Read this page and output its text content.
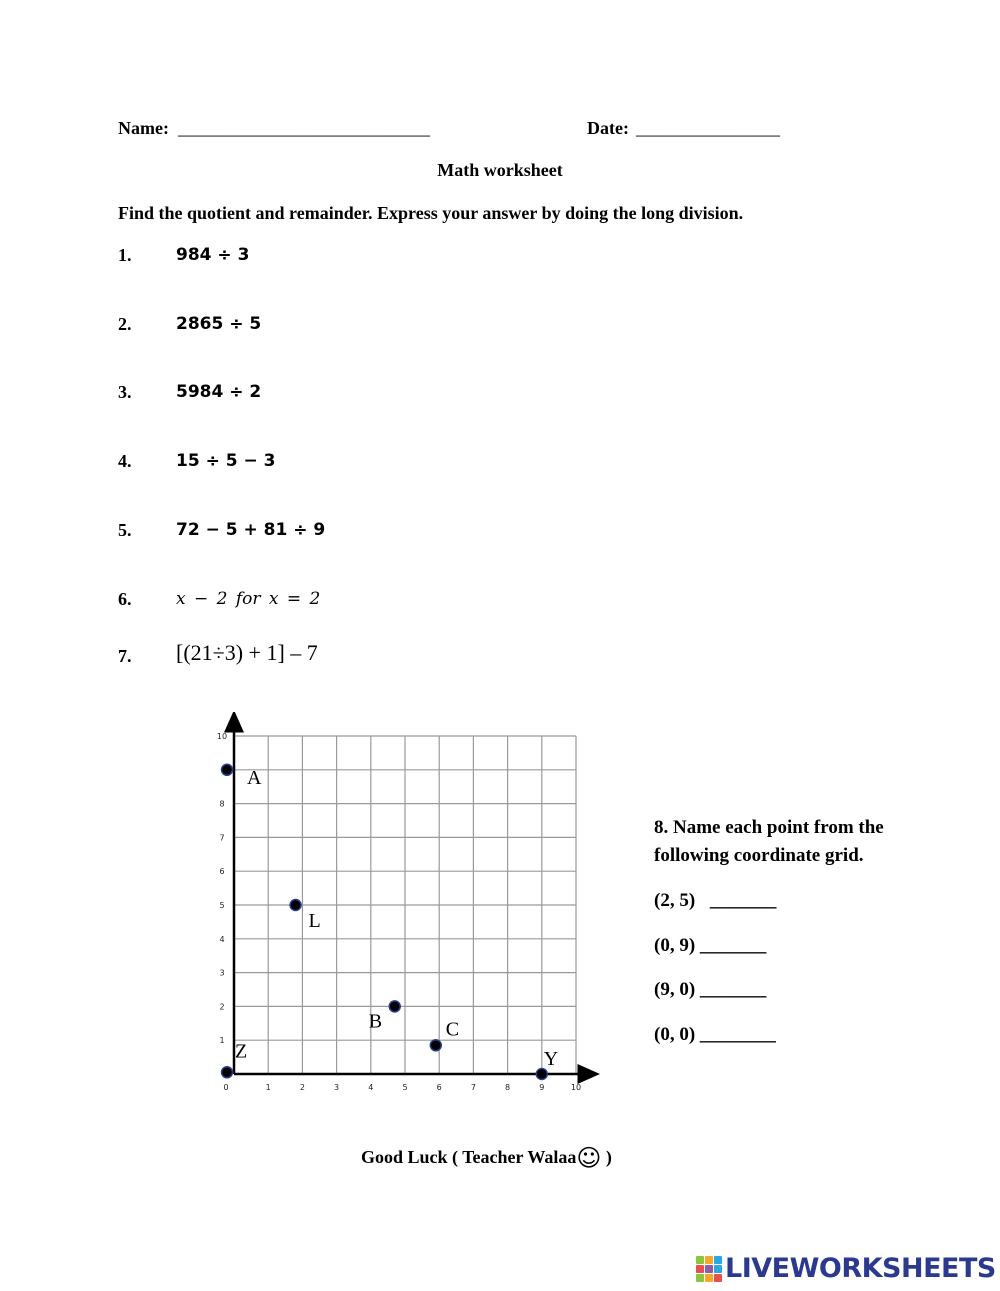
Name: ____________________________	Date: ________________
Math worksheet
Find the quotient and remainder. Express your answer by doing the long division.
1.	984 ÷ 3
2.	2865 ÷ 5
3.	5984 ÷ 2
4.	15 ÷ 5 − 3
5.	72 − 5 + 81 ÷ 9
6.	x − 2 for x = 2
7. [(21÷3) + 1] – 7
0	1	2	3	4	5	6	7	8	9	10
1
2
3
4
5
6
7
8
10
A
L
B	C
Y
Z
8. Name each point from the
following coordinate grid.
(2, 5) _______
(0, 9) _______
(9, 0) _______
(0, 0) ________
Good Luck ( Teacher Walaa☺ )
LIVEWORKSHEETS
